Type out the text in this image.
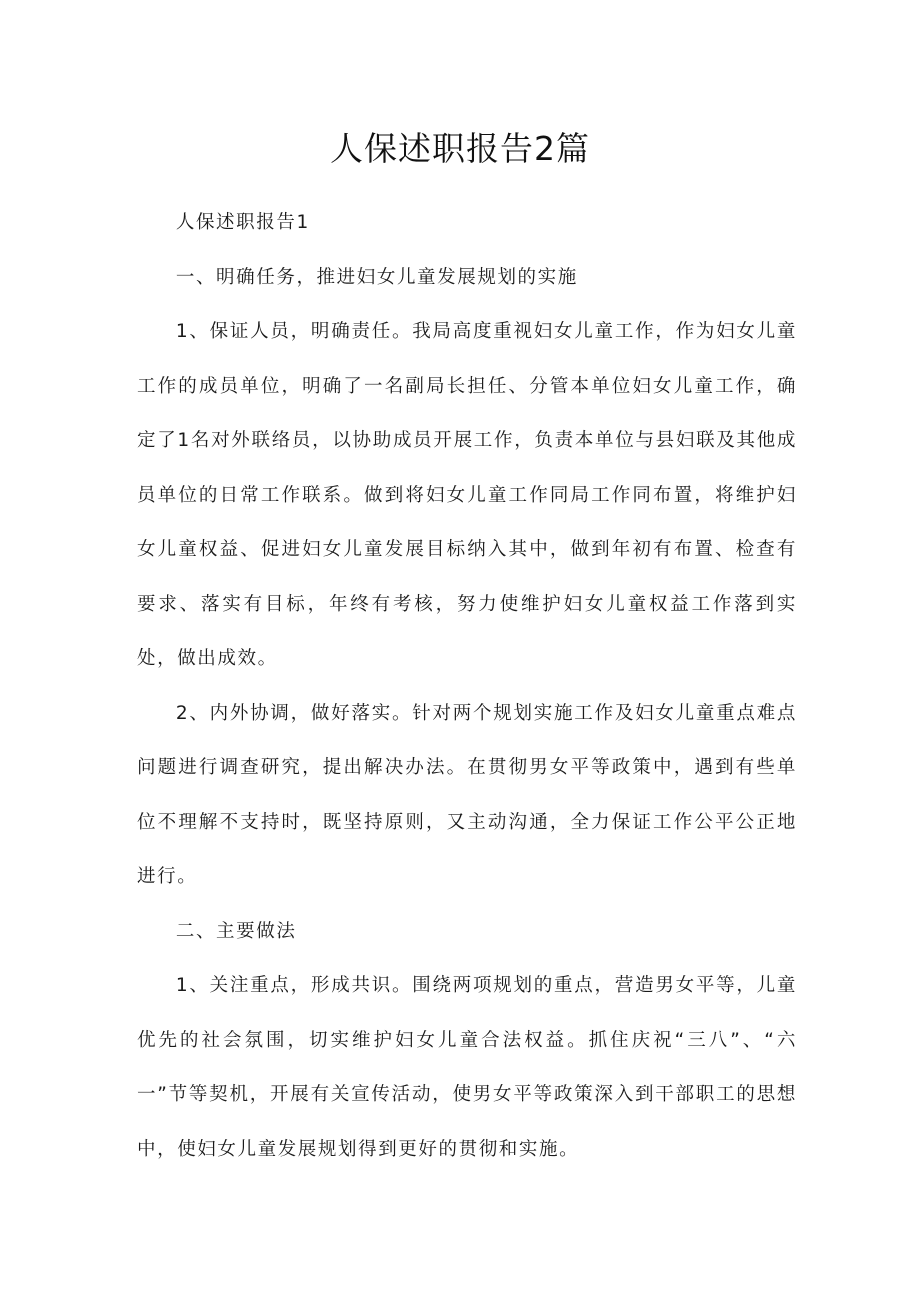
人保述职报告2篇

人保述职报告1

一、明确任务，推进妇女儿童发展规划的实施

1、保证人员，明确责任。我局高度重视妇女儿童工作，作为妇女儿童工作的成员单位，明确了一名副局长担任、分管本单位妇女儿童工作，确定了1名对外联络员，以协助成员开展工作，负责本单位与县妇联及其他成员单位的日常工作联系。做到将妇女儿童工作同局工作同布置，将维护妇女儿童权益、促进妇女儿童发展目标纳入其中，做到年初有布置、检查有要求、落实有目标，年终有考核，努力使维护妇女儿童权益工作落到实处，做出成效。

2、内外协调，做好落实。针对两个规划实施工作及妇女儿童重点难点问题进行调查研究，提出解决办法。在贯彻男女平等政策中，遇到有些单位不理解不支持时，既坚持原则，又主动沟通，全力保证工作公平公正地进行。

二、主要做法

1、关注重点，形成共识。围绕两项规划的重点，营造男女平等，儿童优先的社会氛围，切实维护妇女儿童合法权益。抓住庆祝“三八”、“六一”节等契机，开展有关宣传活动，使男女平等政策深入到干部职工的思想中，使妇女儿童发展规划得到更好的贯彻和实施。
